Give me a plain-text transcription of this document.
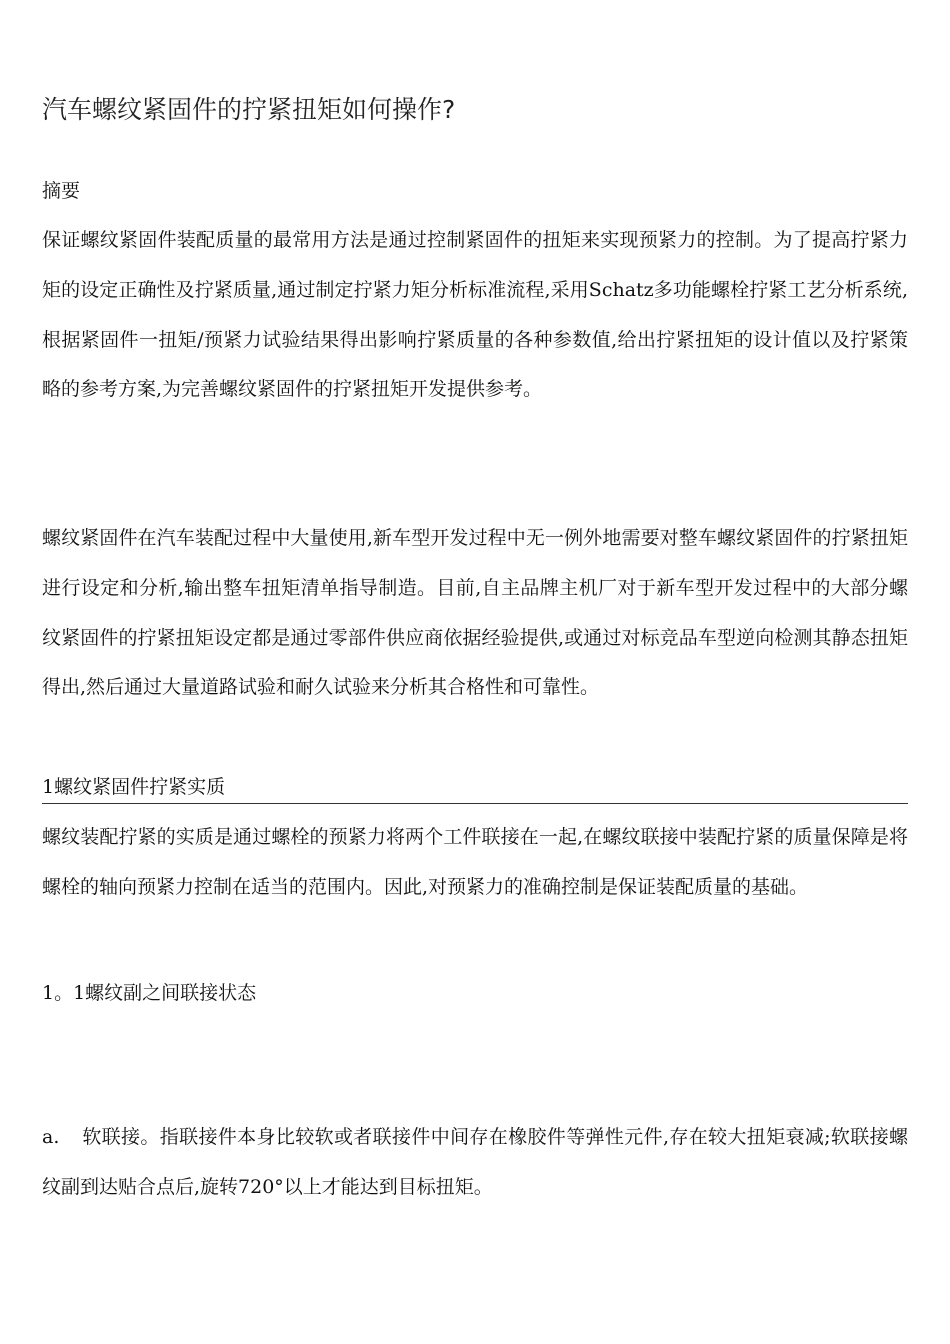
汽车螺纹紧固件的拧紧扭矩如何操作?
摘要

保证螺纹紧固件装配质量的最常用方法是通过控制紧固件的扭矩来实现预紧力的控制。为了提高拧紧力矩的设定正确性及拧紧质量,通过制定拧紧力矩分析标准流程,采用Schatz多功能螺栓拧紧工艺分析系统,根据紧固件一扭矩/预紧力试验结果得出影响拧紧质量的各种参数值,给出拧紧扭矩的设计值以及拧紧策略的参考方案,为完善螺纹紧固件的拧紧扭矩开发提供参考。

螺纹紧固件在汽车装配过程中大量使用,新车型开发过程中无一例外地需要对整车螺纹紧固件的拧紧扭矩进行设定和分析,输出整车扭矩清单指导制造。目前,自主品牌主机厂对于新车型开发过程中的大部分螺纹紧固件的拧紧扭矩设定都是通过零部件供应商依据经验提供,或通过对标竞品车型逆向检测其静态扭矩得出,然后通过大量道路试验和耐久试验来分析其合格性和可靠性。

1螺纹紧固件拧紧实质

螺纹装配拧紧的实质是通过螺栓的预紧力将两个工件联接在一起,在螺纹联接中装配拧紧的质量保障是将螺栓的轴向预紧力控制在适当的范围内。因此,对预紧力的准确控制是保证装配质量的基础。

1。1螺纹副之间联接状态

a. 软联接。指联接件本身比较软或者联接件中间存在橡胶件等弹性元件,存在较大扭矩衰减;软联接螺纹副到达贴合点后,旋转720°以上才能达到目标扭矩。
